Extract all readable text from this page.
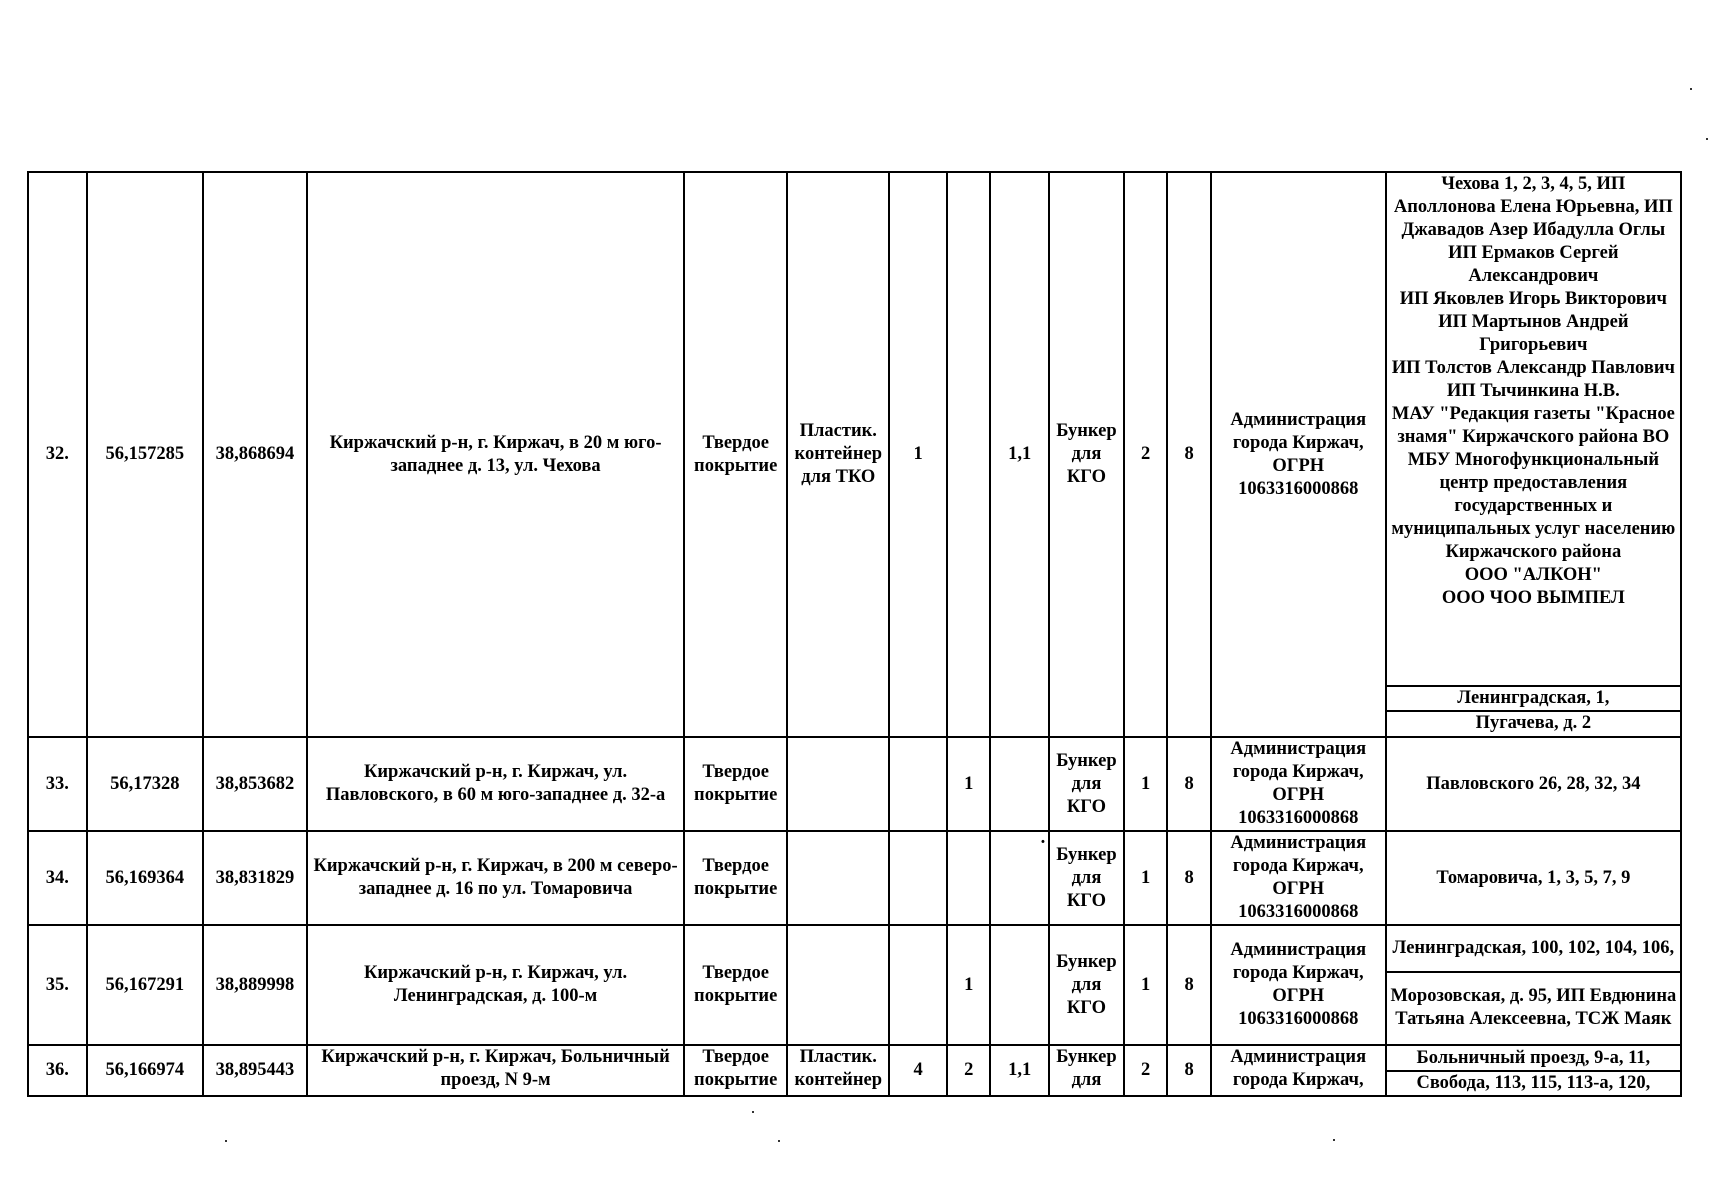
32.	56,157285	38,868694	Киржачский р-н, г. Киржач, в 20 м юго-западнее д. 13, ул. Чехова	Твердое покрытие	Пластик. контейнер для ТКО	1		1,1	Бункер для КГО	2	8	Администрация города Киржач, ОГРН 1063316000868	
Чехова 1, 2, 3, 4, 5, ИП Аполлонова Елена Юрьевна, ИП Джавадов Азер Ибадулла Оглы
ИП Ермаков Сергей Александрович
ИП Яковлев Игорь Викторович
ИП Мартынов Андрей Григорьевич
ИП Толстов Александр Павлович
ИП Тычинкина Н.В.
МАУ "Редакция газеты "Красное знамя" Киржачского района ВО
МБУ Многофункциональный центр предоставления государственных и муниципальных услуг населению Киржачского района
ООО "АЛКОН"
ООО ЧОО ВЫМПЕЛ
Ленинградская, 1,
Пугачева, д. 2

33.	56,17328	38,853682	Киржачский р-н, г. Киржач, ул. Павловского, в 60 м юго-западнее д. 32-а	Твердое покрытие			1		Бункер для КГО	1	8	Администрация города Киржач, ОГРН 1063316000868	Павловского 26, 28, 32, 34
34.	56,169364	38,831829	Киржачский р-н, г. Киржач, в 200 м северо-западнее д. 16 по ул. Томаровича	Твердое покрытие				·	Бункер для КГО	1	8	Администрация города Киржач, ОГРН 1063316000868	Томаровича, 1, 3, 5, 7, 9
35.	56,167291	38,889998	Киржачский р-н, г. Киржач, ул. Ленинградская, д. 100-м	Твердое покрытие			1		Бункер для КГО	1	8	Администрация города Киржач, ОГРН 1063316000868	
Ленинградская, 100, 102, 104, 106,
Морозовская, д. 95, ИП Евдюнина Татьяна Алексеевна, ТСЖ Маяк

36.	56,166974	38,895443	Киржачский р-н, г. Киржач, Больничный проезд, N 9-м	Твердое покрытие	Пластик. контейнер	4	2	1,1	Бункер для	2	8	Администрация города Киржач,	
Больничный проезд, 9-а, 11,
Свобода, 113, 115, 113-а, 120,
